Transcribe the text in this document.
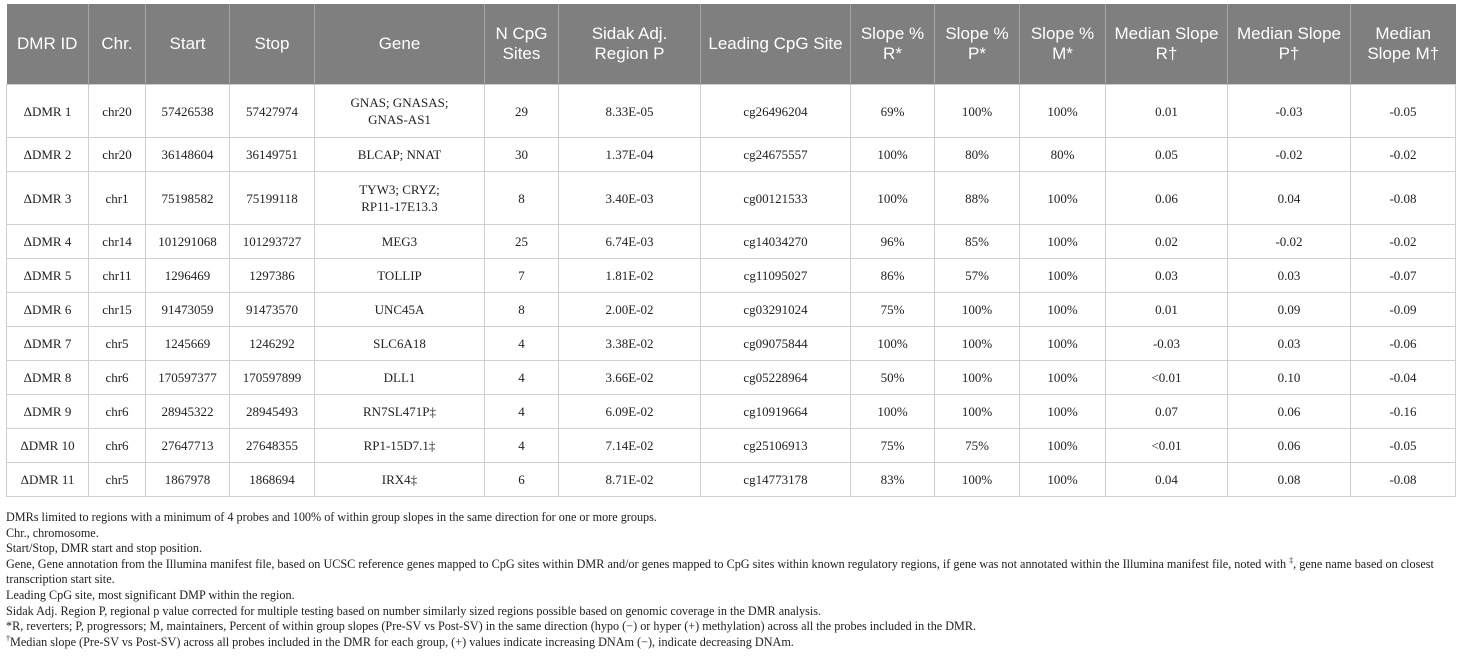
DMR ID	Chr.	Start	Stop	Gene	N CpG Sites	Sidak Adj. Region P	Leading CpG Site	Slope % R*	Slope % P*	Slope % M*	Median Slope R†	Median Slope P†	Median Slope M†
ΔDMR 1	chr20	57426538	57427974	GNAS; GNASAS; GNAS-AS1	29	8.33E-05	cg26496204	69%	100%	100%	0.01	-0.03	-0.05
ΔDMR 2	chr20	36148604	36149751	BLCAP; NNAT	30	1.37E-04	cg24675557	100%	80%	80%	0.05	-0.02	-0.02
ΔDMR 3	chr1	75198582	75199118	TYW3; CRYZ; RP11-17E13.3	8	3.40E-03	cg00121533	100%	88%	100%	0.06	0.04	-0.08
ΔDMR 4	chr14	101291068	101293727	MEG3	25	6.74E-03	cg14034270	96%	85%	100%	0.02	-0.02	-0.02
ΔDMR 5	chr11	1296469	1297386	TOLLIP	7	1.81E-02	cg11095027	86%	57%	100%	0.03	0.03	-0.07
ΔDMR 6	chr15	91473059	91473570	UNC45A	8	2.00E-02	cg03291024	75%	100%	100%	0.01	0.09	-0.09
ΔDMR 7	chr5	1245669	1246292	SLC6A18	4	3.38E-02	cg09075844	100%	100%	100%	-0.03	0.03	-0.06
ΔDMR 8	chr6	170597377	170597899	DLL1	4	3.66E-02	cg05228964	50%	100%	100%	<0.01	0.10	-0.04
ΔDMR 9	chr6	28945322	28945493	RN7SL471P‡	4	6.09E-02	cg10919664	100%	100%	100%	0.07	0.06	-0.16
ΔDMR 10	chr6	27647713	27648355	RP1-15D7.1‡	4	7.14E-02	cg25106913	75%	75%	100%	<0.01	0.06	-0.05
ΔDMR 11	chr5	1867978	1868694	IRX4‡	6	8.71E-02	cg14773178	83%	100%	100%	0.04	0.08	-0.08

DMRs limited to regions with a minimum of 4 probes and 100% of within group slopes in the same direction for one or more groups.

Chr., chromosome.

Start/Stop, DMR start and stop position.

Gene, Gene annotation from the Illumina manifest file, based on UCSC reference genes mapped to CpG sites within DMR and/or genes mapped to CpG sites within known regulatory regions, if gene was not annotated within the Illumina manifest file, noted with ‡, gene name based on closest transcription start site.

Leading CpG site, most significant DMP within the region.

Sidak Adj. Region P, regional p value corrected for multiple testing based on number similarly sized regions possible based on genomic coverage in the DMR analysis.

*R, reverters; P, progressors; M, maintainers, Percent of within group slopes (Pre-SV vs Post-SV) in the same direction (hypo (−) or hyper (+) methylation) across all the probes included in the DMR.

†Median slope (Pre-SV vs Post-SV) across all probes included in the DMR for each group, (+) values indicate increasing DNAm (−), indicate decreasing DNAm.
